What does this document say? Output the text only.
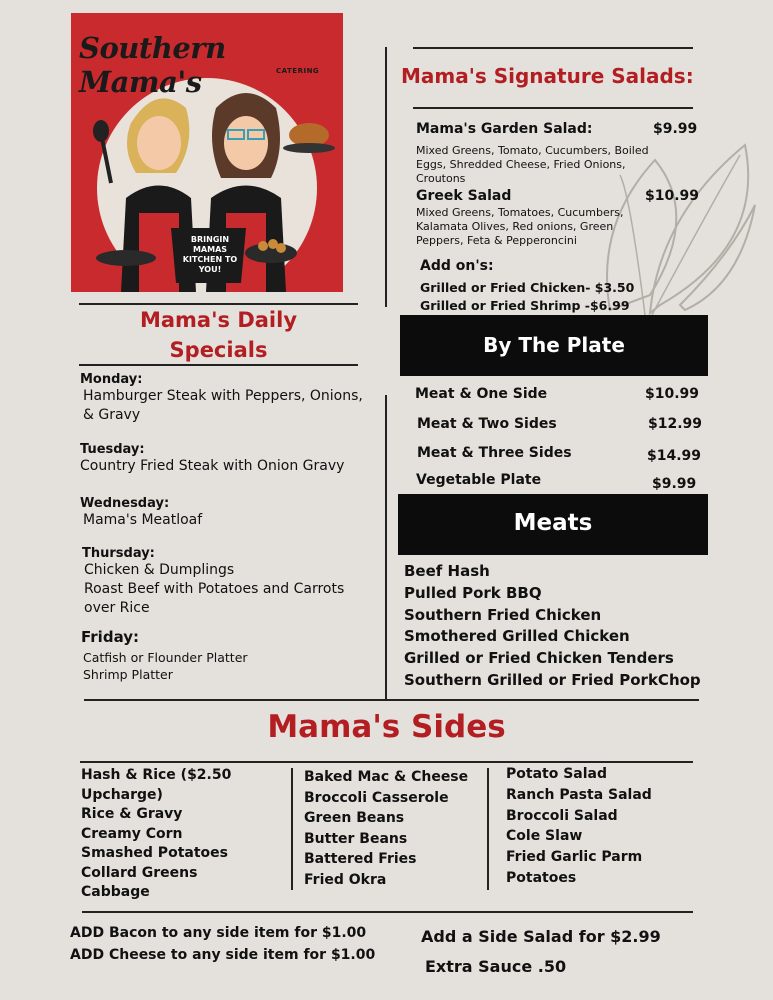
Southern Mama's	CATERING
BRINGIN MAMAS KITCHEN TO YOU!
Mama's Signature Salads:
Mama's Garden Salad:	$9.99
Mixed Greens, Tomato, Cucumbers, Boiled Eggs, Shredded Cheese, Fried Onions, Croutons
Greek Salad	$10.99
Mixed Greens, Tomatoes, Cucumbers, Kalamata Olives, Red onions, Green Peppers, Feta & Pepperoncini
Add on's:
Grilled or Fried Chicken- $3.50
Grilled or Fried Shrimp -$6.99
Mama's Daily
Specials
Monday:
Hamburger Steak with Peppers, Onions,
& Gravy
Tuesday:
Country Fried Steak with Onion Gravy
Wednesday:
Mama's Meatloaf
Thursday:
Chicken & Dumplings
Roast Beef with Potatoes and Carrots
over Rice
Friday:
Catfish or Flounder Platter
Shrimp Platter
By The Plate
Meat & One Side	$10.99
Meat & Two Sides	$12.99
Meat & Three Sides	$14.99
Vegetable Plate	$9.99
Meats
Beef Hash
Pulled Pork BBQ
Southern Fried Chicken
Smothered Grilled Chicken
Grilled or Fried Chicken Tenders
Southern Grilled or Fried PorkChop
Mama's Sides
Hash & Rice ($2.50
Upcharge)
Rice & Gravy
Creamy Corn
Smashed Potatoes
Collard Greens
Cabbage
Baked Mac & Cheese
Broccoli Casserole
Green Beans
Butter Beans
Battered Fries
Fried Okra
Potato Salad
Ranch Pasta Salad
Broccoli Salad
Cole Slaw
Fried Garlic Parm
Potatoes
ADD Bacon to any side item for $1.00
ADD Cheese to any side item for $1.00
Add a Side Salad for $2.99
Extra Sauce .50
